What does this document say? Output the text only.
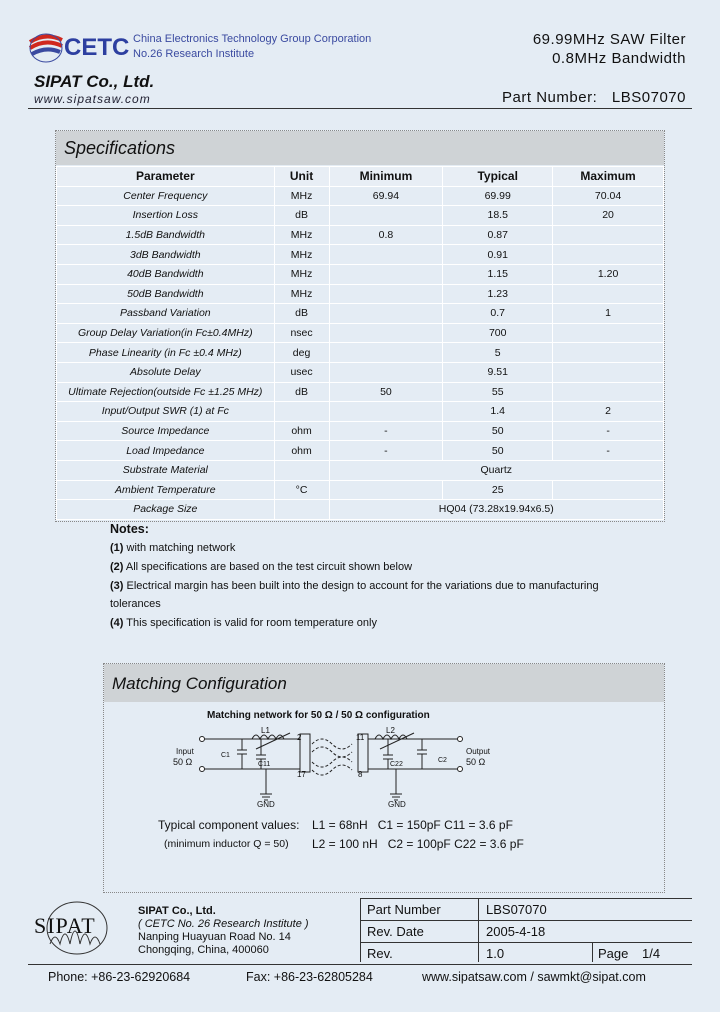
CETC China Electronics Technology Group Corporation
No.26 Research Institute
SIPAT Co., Ltd.
www.sipatsaw.com
69.99MHz SAW Filter
0.8MHz Bandwidth
Part Number: LBS07070
Specifications
Parameter	Unit	Minimum	Typical	Maximum
Center Frequency	MHz	69.94	69.99	70.04
Insertion Loss	dB		18.5	20
1.5dB Bandwidth	MHz	0.8	0.87	
3dB Bandwidth	MHz		0.91	
40dB Bandwidth	MHz		1.15	1.20
50dB Bandwidth	MHz		1.23	
Passband Variation	dB		0.7	1
Group Delay Variation(in Fc±0.4MHz)	nsec		700	
Phase Linearity (in Fc ±0.4 MHz)	deg		5	
Absolute Delay	usec		9.51	
Ultimate Rejection(outside Fc ±1.25 MHz)	dB	50	55	
Input/Output SWR (1) at Fc			1.4	2
Source Impedance	ohm	-	50	-
Load Impedance	ohm	-	50	-
Substrate Material		Quartz		
Ambient Temperature	°C		25	
Package Size		HQ04 (73.28x19.94x6.5)		
Notes:
(1) with matching network
(2) All specifications are based on the test circuit shown below
(3) Electrical margin has been built into the design to account for the variations due to manufacturing
tolerances
(4) This specification is valid for room temperature only
Matching Configuration
Matching network for 50 Ω / 50 Ω configuration
Input
50 Ω
Output
50 Ω
L1	L2
C1
C11	C22
C2
2
17
11
8
GND	GND
Typical component values: L1 = 68nH   C1 = 150pF C11 = 3.6 pF
(minimum inductor Q = 50) L2 = 100 nH   C2 = 100pF C22 = 3.6 pF
SIPAT
SIPAT Co., Ltd.
( CETC No. 26 Research Institute )
Nanping Huayuan Road No. 14
Chongqing, China, 400060
Part Number	LBS07070
Rev. Date	2005-4-18
Rev.	1.0	Page 1/4
Phone: +86-23-62920684	Fax: +86-23-62805284	www.sipatsaw.com / sawmkt@sipat.com
